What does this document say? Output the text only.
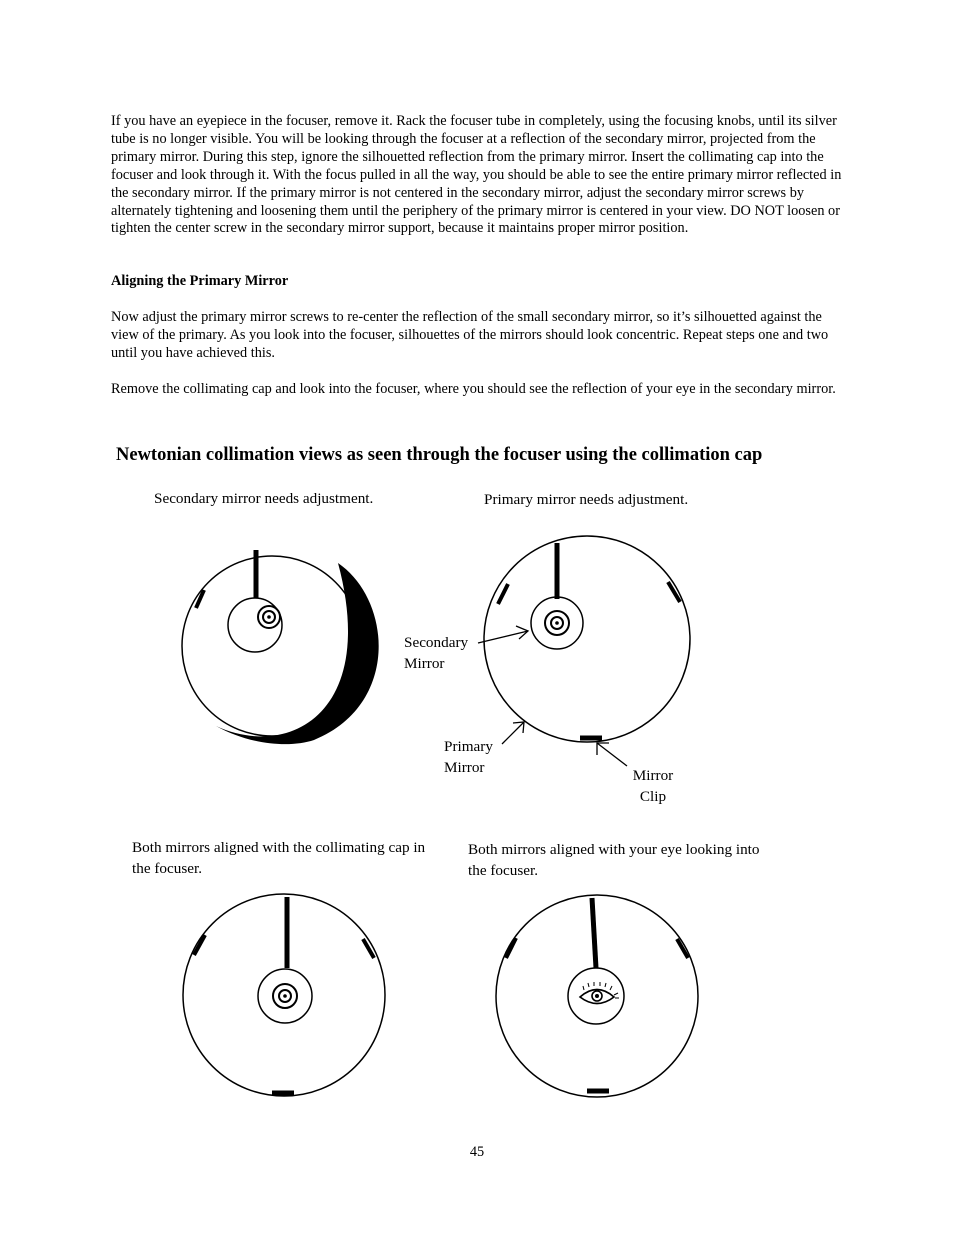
If you have an eyepiece in the focuser, remove it. Rack the focuser tube in completely, using the focusing knobs, until its silver tube is no longer visible. You will be looking through the focuser at a reflection of the secondary mirror, projected from the primary mirror. During this step, ignore the silhouetted reflection from the primary mirror. Insert the collimating cap into the focuser and look through it. With the focus pulled in all the way, you should be able to see the entire primary mirror reflected in the secondary mirror. If the primary mirror is not centered in the secondary mirror, adjust the secondary mirror screws by alternately tightening and loosening them until the periphery of the primary mirror is centered in your view. DO NOT loosen or tighten the center screw in the secondary mirror support, because it maintains proper mirror position.

Aligning the Primary Mirror

Now adjust the primary mirror screws to re-center the reflection of the small secondary mirror, so it’s silhouetted against the view of the primary. As you look into the focuser, silhouettes of the mirrors should look concentric. Repeat steps one and two until you have achieved this.

Remove the collimating cap and look into the focuser, where you should see the reflection of your eye in the secondary mirror.

Newtonian collimation views as seen through the focuser using the collimation cap

Secondary mirror needs adjustment.	Primary mirror needs adjustment.

Both mirrors aligned with the collimating cap in the focuser.

Both mirrors aligned with your eye looking into the focuser.

Secondary Mirror

Primary Mirror	Mirror Clip

45
